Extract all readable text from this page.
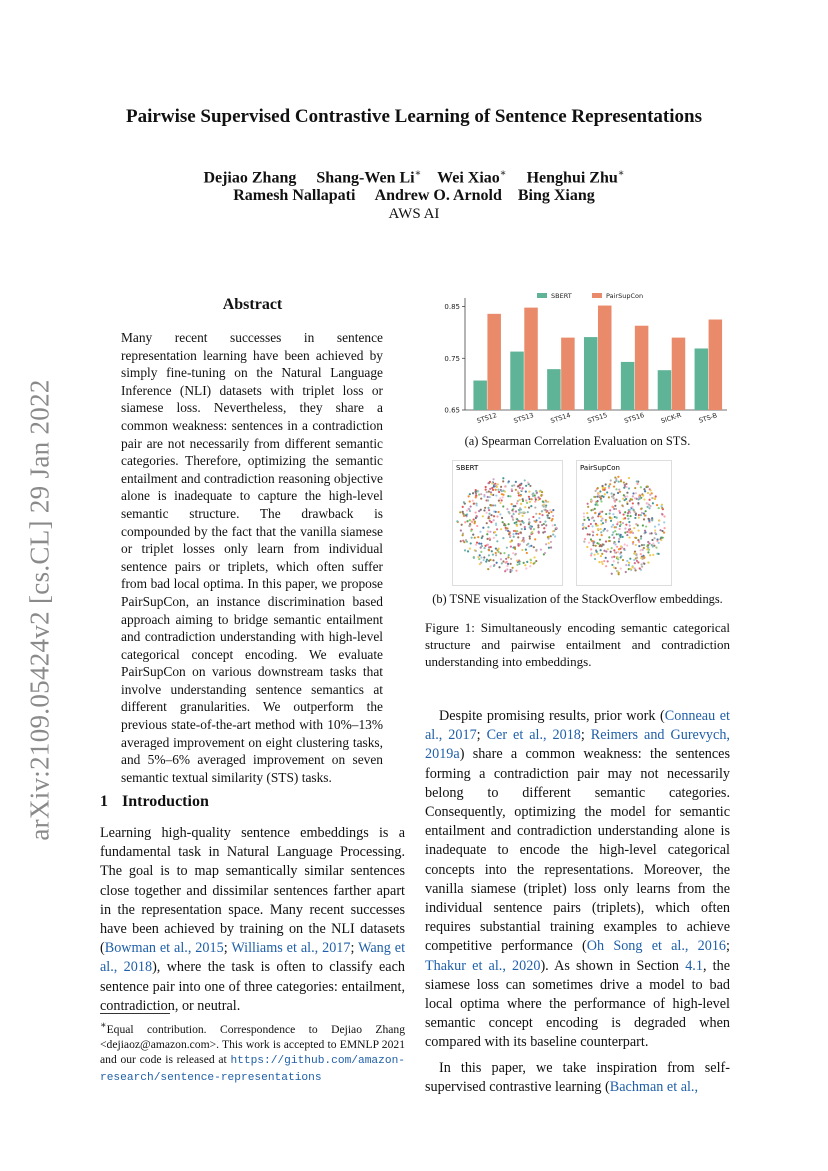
arXiv:2109.05424v2 [cs.CL] 29 Jan 2022
Pairwise Supervised Contrastive Learning of Sentence Representations
Dejiao Zhang Shang-Wen Li∗ Wei Xiao∗ Henghui Zhu∗
Ramesh Nallapati Andrew O. Arnold Bing Xiang
AWS AI
Abstract
Many recent successes in sentence representation learning have been achieved by simply fine-tuning on the Natural Language Inference (NLI) datasets with triplet loss or siamese loss. Nevertheless, they share a common weakness: sentences in a contradiction pair are not necessarily from different semantic categories. Therefore, optimizing the semantic entailment and contradiction reasoning objective alone is inadequate to capture the high-level semantic structure. The drawback is compounded by the fact that the vanilla siamese or triplet losses only learn from individual sentence pairs or triplets, which often suffer from bad local optima. In this paper, we propose PairSupCon, an instance discrimination based approach aiming to bridge semantic entailment and contradiction understanding with high-level categorical concept encoding. We evaluate PairSupCon on various downstream tasks that involve understanding sentence semantics at different granularities. We outperform the previous state-of-the-art method with 10%–13% averaged improvement on eight clustering tasks, and 5%–6% averaged improvement on seven semantic textual similarity (STS) tasks.
1 Introduction
Learning high-quality sentence embeddings is a fundamental task in Natural Language Processing. The goal is to map semantically similar sentences close together and dissimilar sentences farther apart in the representation space. Many recent successes have been achieved by training on the NLI datasets (Bowman et al., 2015; Williams et al., 2017; Wang et al., 2018), where the task is often to classify each sentence pair into one of three categories: entailment, contradiction, or neutral.
∗Equal contribution. Correspondence to Dejiao Zhang <dejiaoz@amazon.com>. This work is accepted to EMNLP 2021 and our code is released at https://github.com/amazon-research/sentence-representations
0.65
0.75
0.85
STS12 STS13 STS14 STS15 STS16 SICK-R STS-B
SBERT	PairSupCon
(a) Spearman Correlation Evaluation on STS.
SBERT	PairSupCon
(b) TSNE visualization of the StackOverflow embeddings.
Figure 1: Simultaneously encoding semantic categorical structure and pairwise entailment and contradiction understanding into embeddings.

Despite promising results, prior work (Conneau et al., 2017; Cer et al., 2018; Reimers and Gurevych, 2019a) share a common weakness: the sentences forming a contradiction pair may not necessarily belong to different semantic categories. Consequently, optimizing the model for semantic entailment and contradiction understanding alone is inadequate to encode the high-level categorical concepts into the representations. Moreover, the vanilla siamese (triplet) loss only learns from the individual sentence pairs (triplets), which often requires substantial training examples to achieve competitive performance (Oh Song et al., 2016; Thakur et al., 2020). As shown in Section 4.1, the siamese loss can sometimes drive a model to bad local optima where the performance of high-level semantic concept encoding is degraded when compared with its baseline counterpart.

In this paper, we take inspiration from self-supervised contrastive learning (Bachman et al.,
